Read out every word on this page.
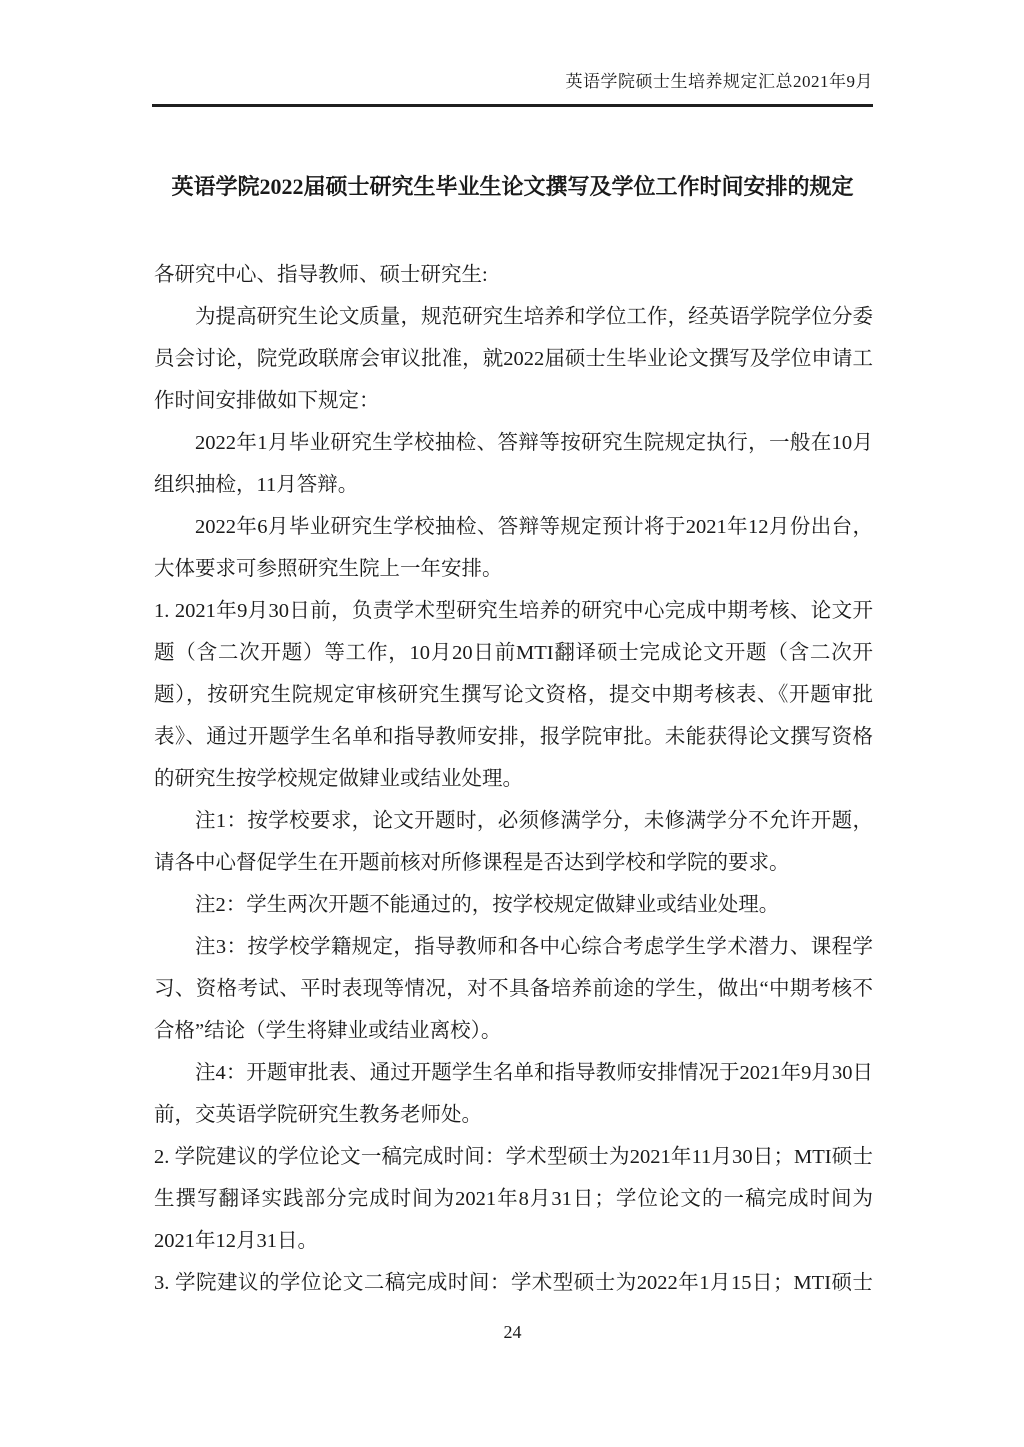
英语学院硕士生培养规定汇总2021年9月
英语学院2022届硕士研究生毕业生论文撰写及学位工作时间安排的规定

各研究中心、指导教师、硕士研究生:

为提高研究生论文质量，规范研究生培养和学位工作，经英语学院学位分委员会讨论，院党政联席会审议批准，就2022届硕士生毕业论文撰写及学位申请工作时间安排做如下规定：

2022年1月毕业研究生学校抽检、答辩等按研究生院规定执行，一般在10月组织抽检，11月答辩。

2022年6月毕业研究生学校抽检、答辩等规定预计将于2021年12月份出台，大体要求可参照研究生院上一年安排。

1. 2021年9月30日前，负责学术型研究生培养的研究中心完成中期考核、论文开题（含二次开题）等工作，10月20日前MTI翻译硕士完成论文开题（含二次开题），按研究生院规定审核研究生撰写论文资格，提交中期考核表、《开题审批表》、通过开题学生名单和指导教师安排，报学院审批。未能获得论文撰写资格的研究生按学校规定做肄业或结业处理。

注1：按学校要求，论文开题时，必须修满学分，未修满学分不允许开题，请各中心督促学生在开题前核对所修课程是否达到学校和学院的要求。

注2：学生两次开题不能通过的，按学校规定做肄业或结业处理。

注3：按学校学籍规定，指导教师和各中心综合考虑学生学术潜力、课程学习、资格考试、平时表现等情况，对不具备培养前途的学生，做出“中期考核不合格”结论（学生将肄业或结业离校）。

注4：开题审批表、通过开题学生名单和指导教师安排情况于2021年9月30日前，交英语学院研究生教务老师处。

2. 学院建议的学位论文一稿完成时间：学术型硕士为2021年11月30日；MTI硕士生撰写翻译实践部分完成时间为2021年8月31日；学位论文的一稿完成时间为2021年12月31日。

3. 学院建议的学位论文二稿完成时间：学术型硕士为2022年1月15日；MTI硕士

24
